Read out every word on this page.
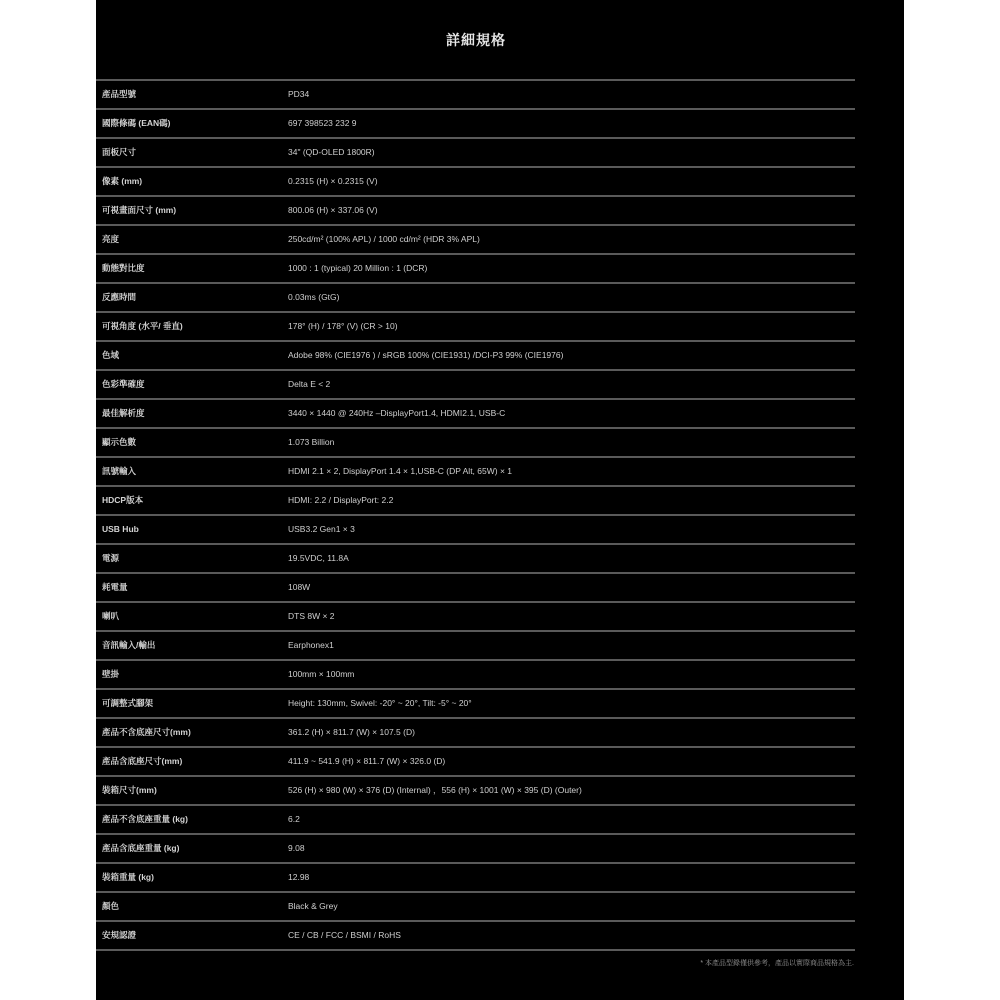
詳細規格
產品型號	PD34
國際條碼 (EAN碼)	697 398523 232 9
面板尺寸	34" (QD-OLED 1800R)
像素 (mm)	0.2315 (H) × 0.2315 (V)
可視畫面尺寸 (mm)	800.06 (H) × 337.06 (V)
亮度	250cd/m² (100% APL) / 1000 cd/m² (HDR 3% APL)
動態對比度	1000 : 1 (typical) 20 Million : 1 (DCR)
反應時間	0.03ms (GtG)
可視角度 (水平/ 垂直)	178° (H) / 178° (V) (CR > 10)
色域	Adobe 98% (CIE1976 ) / sRGB 100% (CIE1931) /DCI-P3 99% (CIE1976)
色彩準確度	Delta E < 2
最佳解析度	3440 × 1440 @ 240Hz –DisplayPort1.4, HDMI2.1, USB-C
顯示色數	1.073 Billion
訊號輸入	HDMI 2.1 × 2, DisplayPort 1.4 × 1,USB-C (DP Alt, 65W) × 1
HDCP版本	HDMI: 2.2 / DisplayPort: 2.2
USB Hub	USB3.2 Gen1 × 3
電源	19.5VDC, 11.8A
耗電量	108W
喇叭	DTS 8W × 2
音訊輸入/輸出	Earphonex1
壁掛	100mm × 100mm
可調整式腳架	Height: 130mm, Swivel: -20° ~ 20°, Tilt: -5° ~ 20°
產品不含底座尺寸(mm)	361.2 (H) × 811.7 (W) × 107.5 (D)
產品含底座尺寸(mm)	411.9 ~ 541.9 (H) × 811.7 (W) × 326.0 (D)
裝箱尺寸(mm)	526 (H) × 980 (W) × 376 (D) (Internal) ，556 (H) × 1001 (W) × 395 (D) (Outer)
產品不含底座重量 (kg)	6.2
產品含底座重量 (kg)	9.08
裝箱重量 (kg)	12.98
顏色	Black & Grey
安規認證	CE / CB / FCC / BSMI / RoHS
* 本產品型錄僅供參考，產品以實際商品規格為主.
